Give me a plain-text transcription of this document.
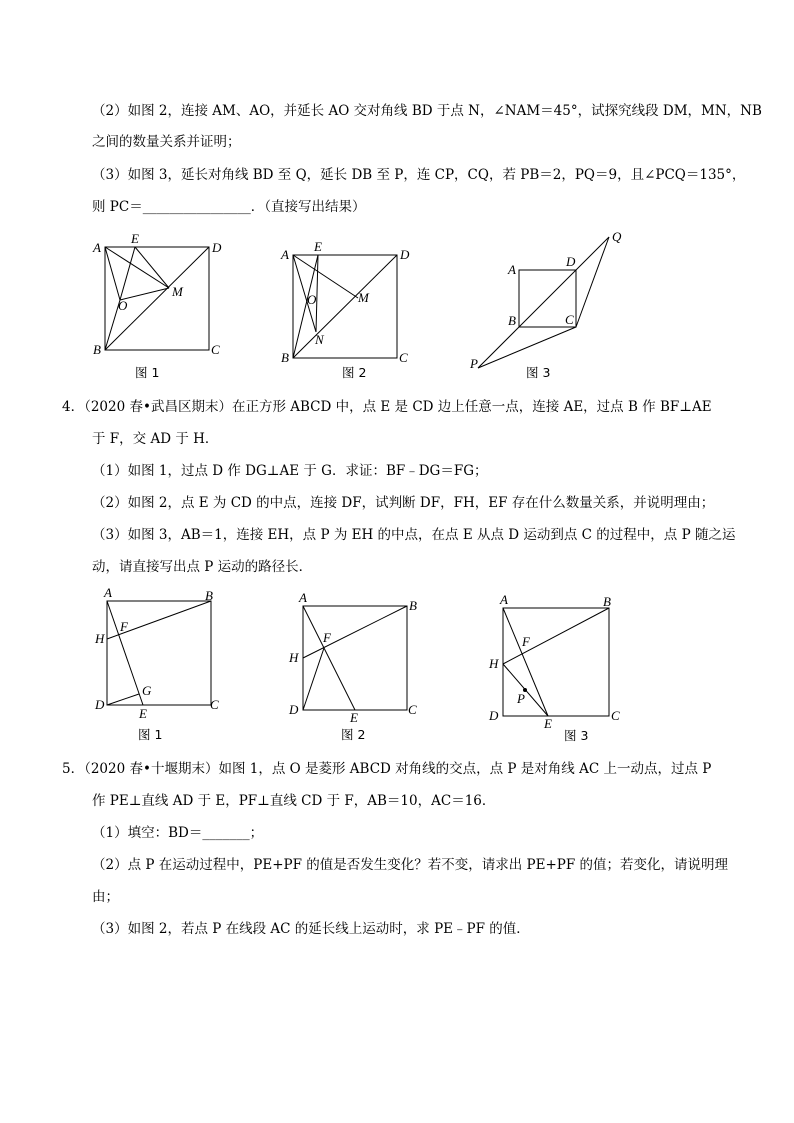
（2）如图 2，连接 AM、AO，并延长 AO 交对角线 BD 于点 N，∠NAM＝45°，试探究线段 DM，MN，NB
之间的数量关系并证明；
（3）如图 3，延长对角线 BD 至 Q，延长 DB 至 P，连 CP，CQ，若 PB＝2，PQ＝9，且∠PCQ＝135°，
则 PC＝________________．（直接写出结果）
A
E
D
O
M
B	C
图 1
A
E
D
O	M
N
B	C
图 2
A
D
Q
B	C
P
图 3
4．（2020 春•武昌区期末）在正方形 ABCD 中，点 E 是 CD 边上任意一点，连接 AE，过点 B 作 BF⊥AE
于 F，交 AD 于 H．
（1）如图 1，过点 D 作 DG⊥AE 于 G．求证：BF﹣DG＝FG；
（2）如图 2，点 E 为 CD 的中点，连接 DF，试判断 DF，FH，EF 存在什么数量关系，并说明理由；
（3）如图 3，AB＝1，连接 EH，点 P 为 EH 的中点，在点 E 从点 D 运动到点 C 的过程中，点 P 随之运
动，请直接写出点 P 运动的路径长．
A	B
F
H
G
D
E
C
图 1
A
B
F
H
D
E
C
图 2
A	B
F
H
P
D
E
C
图 3
5．（2020 春•十堰期末）如图 1，点 O 是菱形 ABCD 对角线的交点，点 P 是对角线 AC 上一动点，过点 P
作 PE⊥直线 AD 于 E，PF⊥直线 CD 于 F，AB＝10，AC＝16．
（1）填空：BD＝_______；
（2）点 P 在运动过程中，PE+PF 的值是否发生变化？若不变，请求出 PE+PF 的值；若变化，请说明理
由；
（3）如图 2，若点 P 在线段 AC 的延长线上运动时，求 PE﹣PF 的值．
